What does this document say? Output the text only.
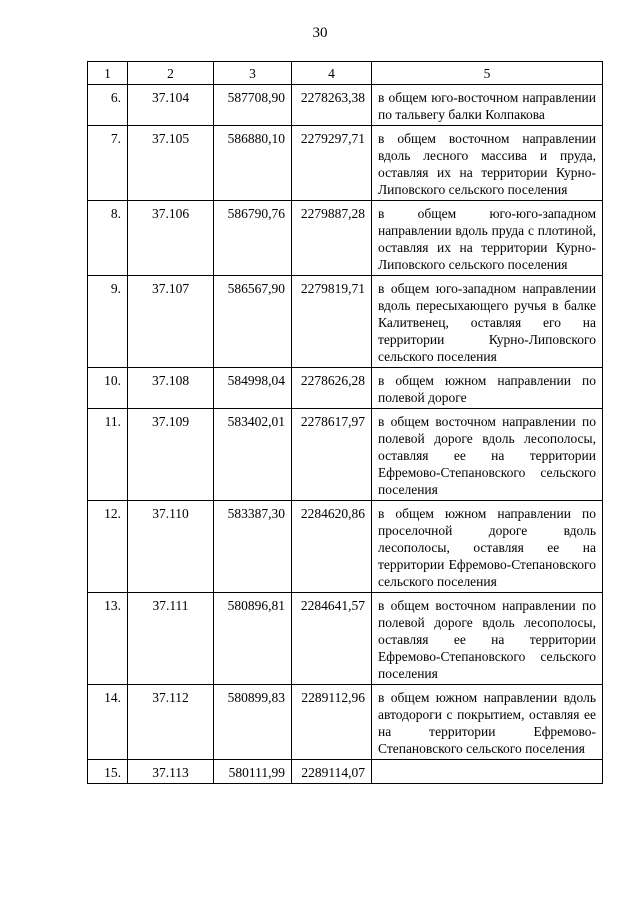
30
1	2	3	4	5
6.	37.104	587708,90	2278263,38	в общем юго-восточном направлении по тальвегу балки Колпакова
7.	37.105	586880,10	2279297,71	в общем восточном направлении вдоль лесного массива и пруда, оставляя их на территории Курно-Липовского сельского поселения
8.	37.106	586790,76	2279887,28	в общем юго-юго-западном направлении вдоль пруда с плотиной, оставляя их на территории Курно-Липовского сельского поселения
9.	37.107	586567,90	2279819,71	в общем юго-западном направлении вдоль пересыхающего ручья в балке Калитвенец, оставляя его на территории Курно-Липовского сельского поселения
10.	37.108	584998,04	2278626,28	в общем южном направлении по полевой дороге
11.	37.109	583402,01	2278617,97	в общем восточном направлении по полевой дороге вдоль лесополосы, оставляя ее на территории Ефремово-Степановского сельского поселения
12.	37.110	583387,30	2284620,86	в общем южном направлении по проселочной дороге вдоль лесополосы, оставляя ее на территории Ефремово-Степановского сельского поселения
13.	37.111	580896,81	2284641,57	в общем восточном направлении по полевой дороге вдоль лесополосы, оставляя ее на территории Ефремово-Степановского сельского поселения
14.	37.112	580899,83	2289112,96	в общем южном направлении вдоль автодороги с покрытием, оставляя ее на территории Ефремово-Степановского сельского поселения
15.	37.113	580111,99	2289114,07	
